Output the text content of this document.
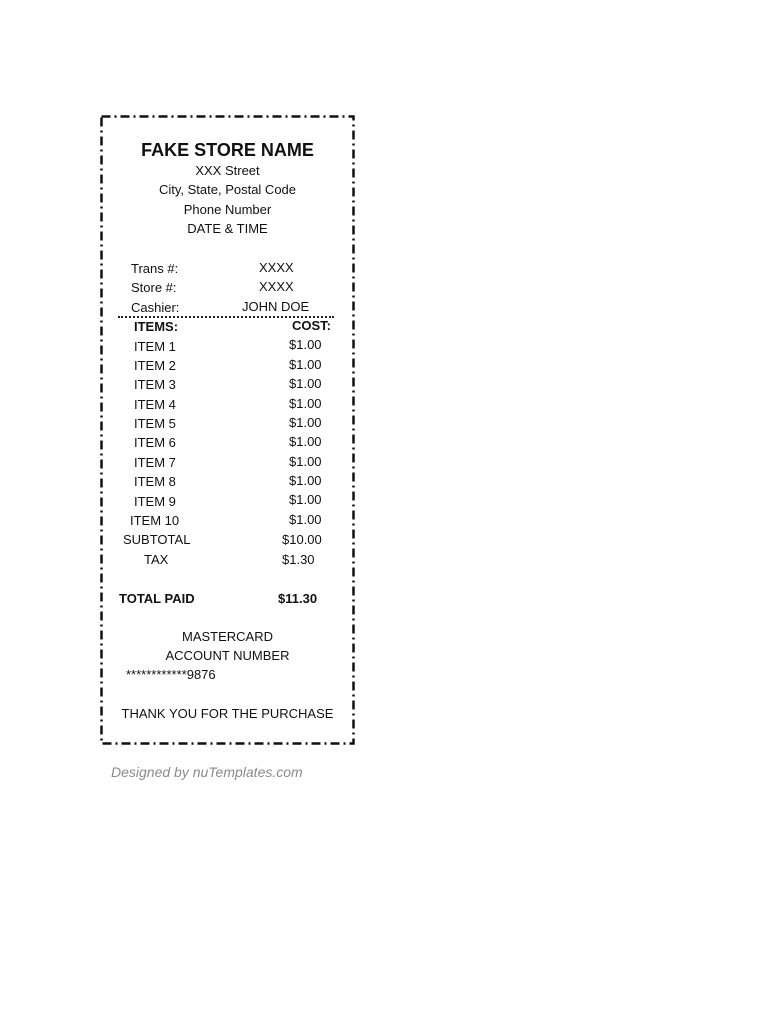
FAKE STORE NAME
XXX Street
City, State, Postal Code
Phone Number
DATE & TIME
Trans #:	XXXX
Store #:	XXXX
Cashier:	JOHN DOE
ITEMS:	COST:
ITEM 1	$1.00
ITEM 2	$1.00
ITEM 3	$1.00
ITEM 4	$1.00
ITEM 5	$1.00
ITEM 6	$1.00
ITEM 7	$1.00
ITEM 8	$1.00
ITEM 9	$1.00
ITEM 10	$1.00
SUBTOTAL	$10.00
TAX	$1.30
TOTAL PAID	$11.30
MASTERCARD
ACCOUNT NUMBER
************9876
THANK YOU FOR THE PURCHASE
Designed by nuTemplates.com
